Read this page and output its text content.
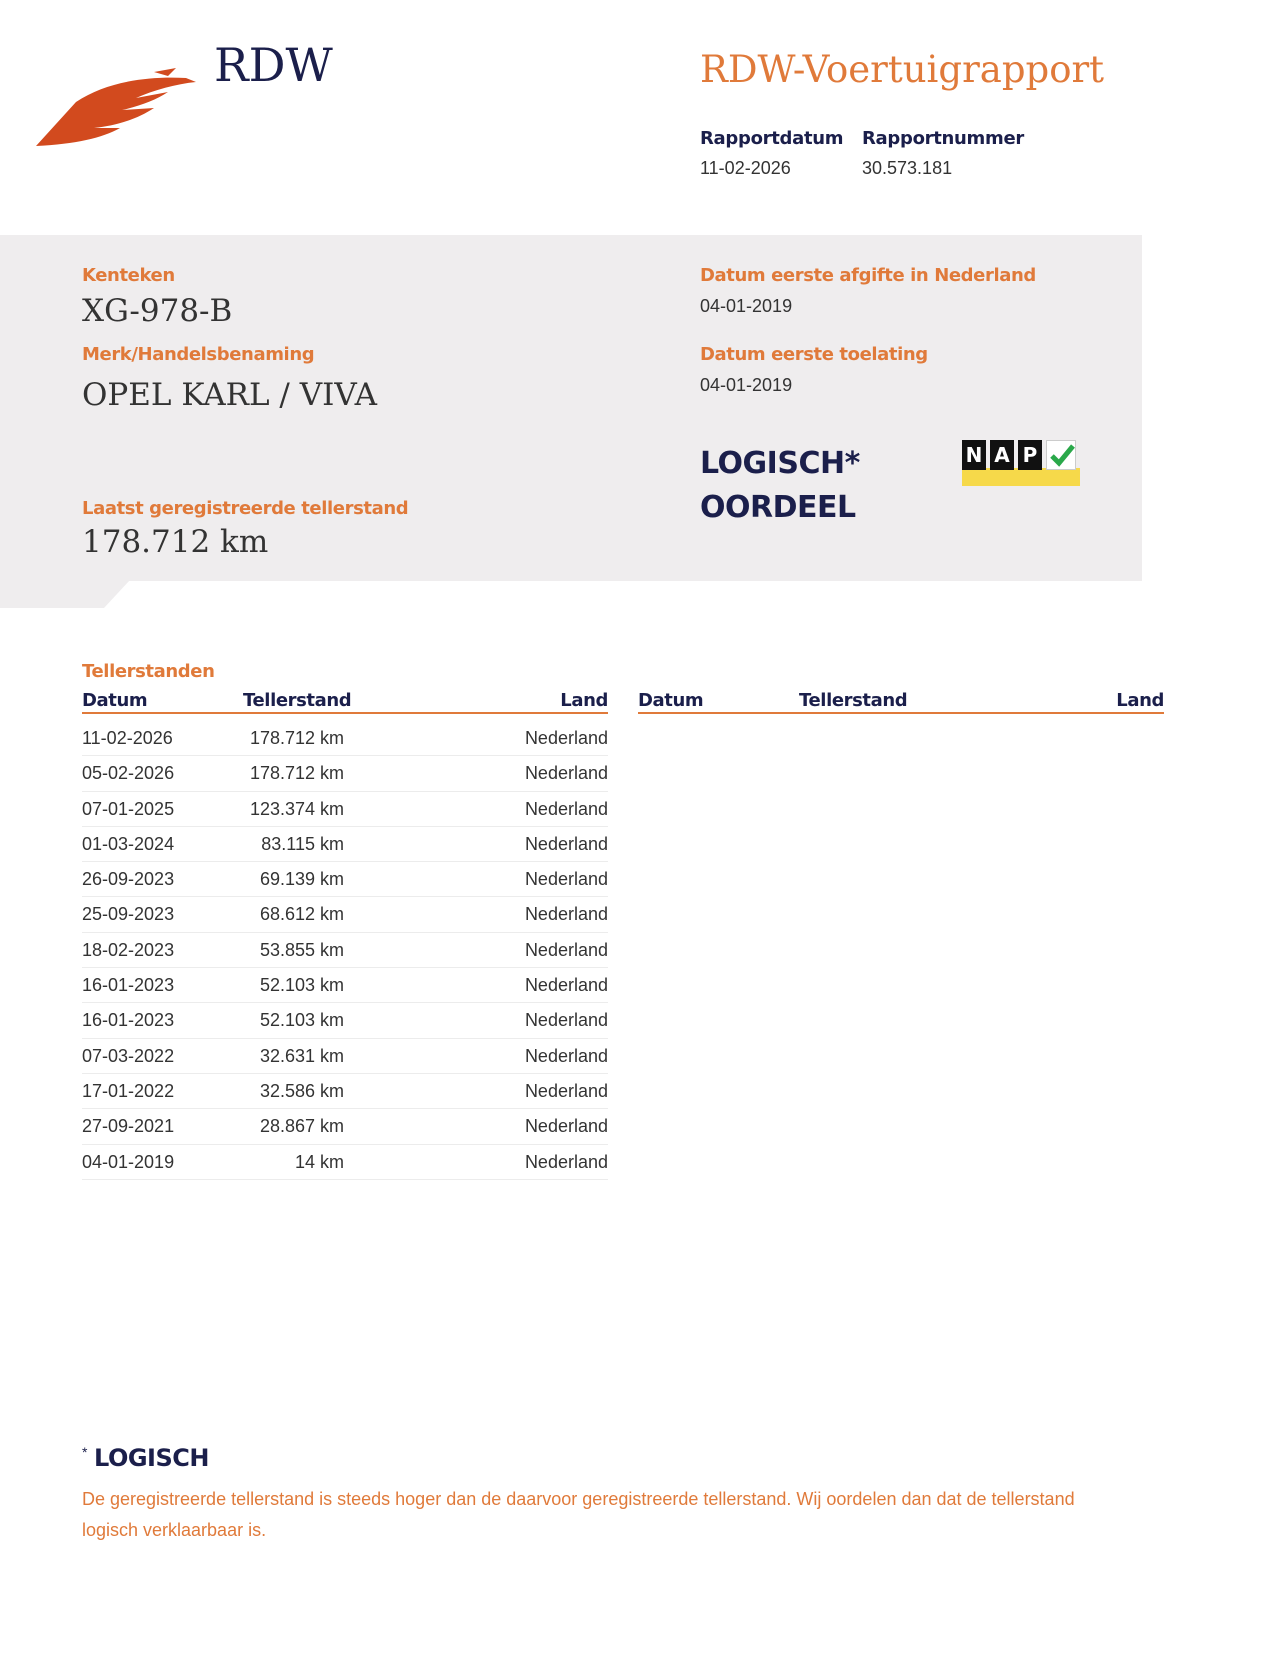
RDW	RDW-Voertuigrapport
Rapportdatum
11-02-2026
Rapportnummer
30.573.181
Kenteken
XG-978-B
Merk/Handelsbenaming
OPEL KARL / VIVA
Laatst geregistreerde tellerstand
178.712 km
Datum eerste afgifte in Nederland
04-01-2019
Datum eerste toelating
04-01-2019
LOGISCH*
OORDEEL
N A P
Tellerstanden
Datum	Tellerstand	Land Datum	Tellerstand	Land
11-02-2026	178.712 km	Nederland
05-02-2026	178.712 km	Nederland
07-01-2025	123.374 km	Nederland
01-03-2024	83.115 km	Nederland
26-09-2023	69.139 km	Nederland
25-09-2023	68.612 km	Nederland
18-02-2023	53.855 km	Nederland
16-01-2023	52.103 km	Nederland
16-01-2023	52.103 km	Nederland
07-03-2022	32.631 km	Nederland
17-01-2022	32.586 km	Nederland
27-09-2021	28.867 km	Nederland
04-01-2019	14 km	Nederland
* LOGISCH
De geregistreerde tellerstand is steeds hoger dan de daarvoor geregistreerde tellerstand. Wij oordelen dan dat de tellerstand logisch verklaarbaar is.
